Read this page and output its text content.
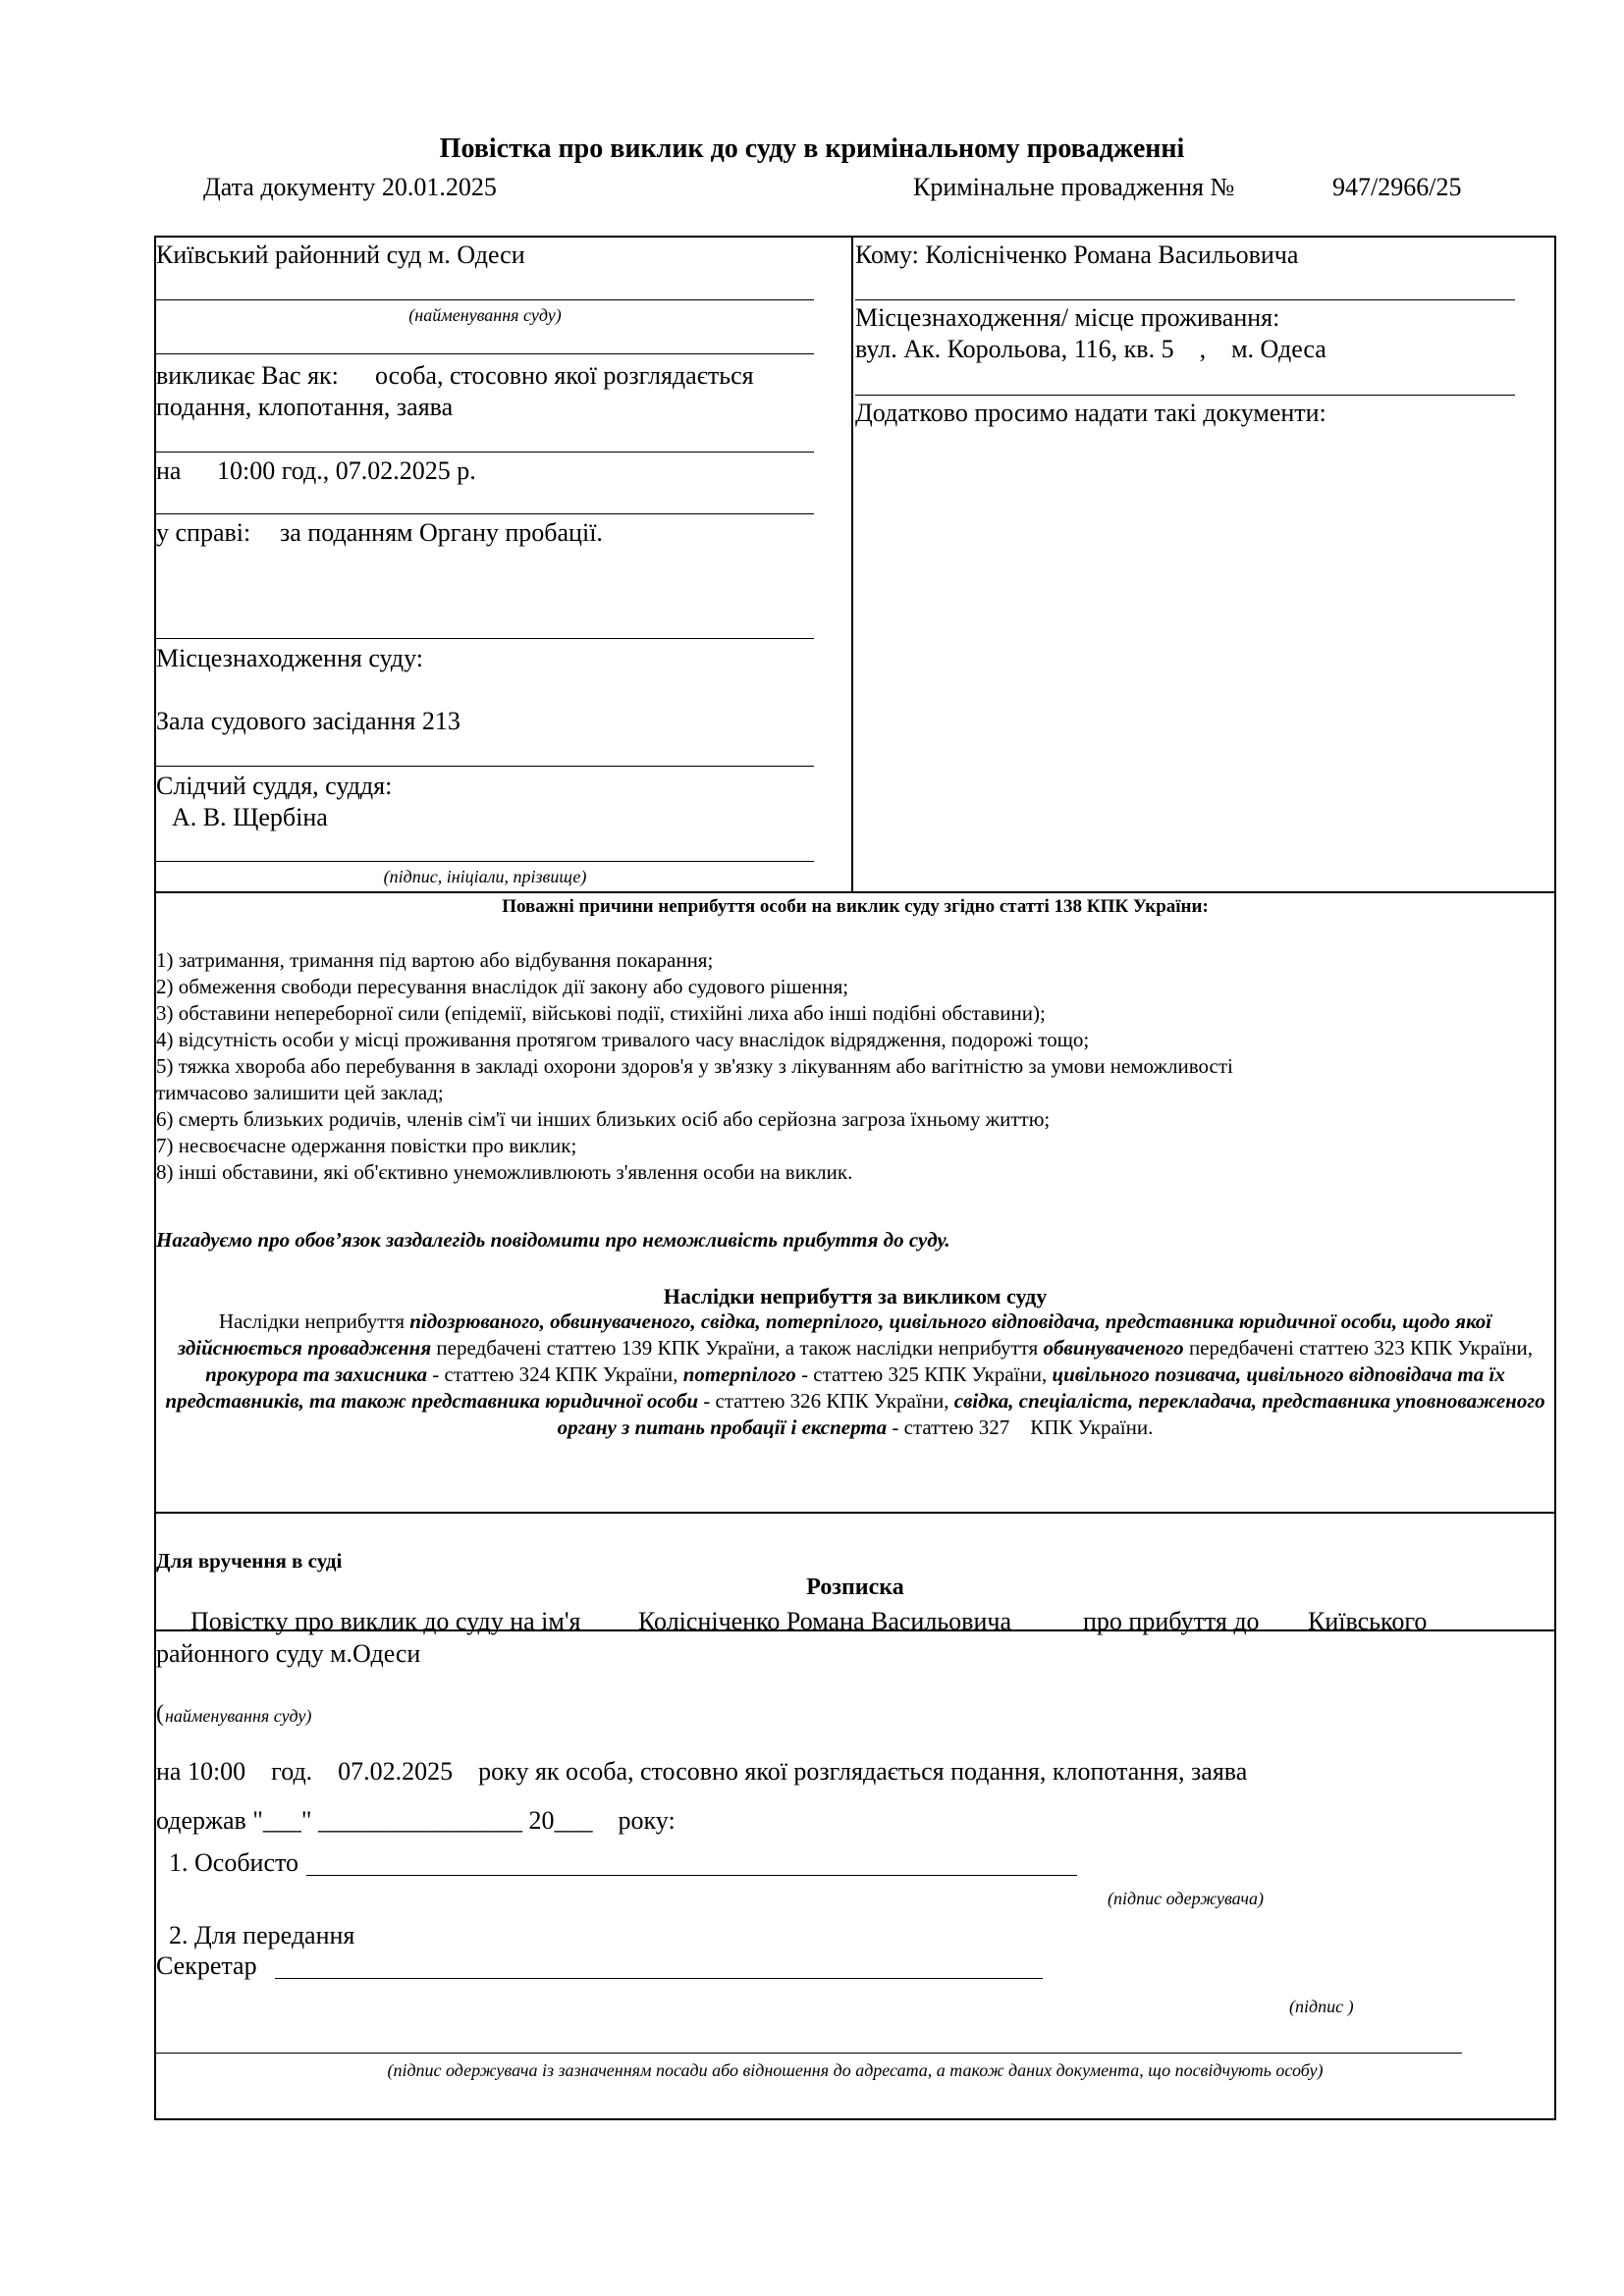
Повістка про виклик до суду в кримінальному провадженні
Дата документу 20.01.2025	Кримінальне провадження №	947/2966/25
Київський районний суд м. Одеси
(найменування суду)
викликає Вас як: особа, стосовно якої розглядається
подання, клопотання, заява
на 10:00 год., 07.02.2025 р.
у справі: за поданням Органу пробації.
Місцезнаходження суду:
Зала судового засідання 213
Слідчий суддя, суддя:
А. В. Щербіна
(підпис, ініціали, прізвище)
Кому: Колісніченко Романа Васильовича
Місцезнаходження/ місце проживання:
вул. Ак. Корольова, 116, кв. 5    ,    м. Одеса
Додатково просимо надати такі документи:
Поважні причини неприбуття особи на виклик суду згідно статті 138 КПК України:
1) затримання, тримання під вартою або відбування покарання;
2) обмеження свободи пересування внаслідок дії закону або судового рішення;
3) обставини непереборної сили (епідемії, військові події, стихійні лиха або інші подібні обставини);
4) відсутність особи у місці проживання протягом тривалого часу внаслідок відрядження, подорожі тощо;
5) тяжка хвороба або перебування в закладі охорони здоров'я у зв'язку з лікуванням або вагітністю за умови неможливості
тимчасово залишити цей заклад;
6) смерть близьких родичів, членів сім'ї чи інших близьких осіб або серйозна загроза їхньому життю;
7) несвоєчасне одержання повістки про виклик;
8) інші обставини, які об'єктивно унеможливлюють з'явлення особи на виклик.
Нагадуємо про обов’язок заздалегідь повідомити про неможливість прибуття до суду.
Наслідки неприбуття за викликом суду
Наслідки неприбуття підозрюваного, обвинуваченого, свідка, потерпілого, цивільного відповідача, представника юридичної особи, щодо якої здійснюється провадження передбачені статтею 139 КПК України, а також наслідки неприбуття обвинуваченого передбачені статтею 323 КПК України, прокурора та захисника - статтею 324 КПК України, потерпілого - статтею 325 КПК України, цивільного позивача, цивільного відповідача та їх представників, та також представника юридичної особи - статтею 326 КПК України, свідка, спеціаліста, перекладача, представника уповноваженого органу з питань пробації і експерта - статтею 327    КПК України.
Для вручення в суді
Розписка
Повістку про виклик до суду на ім'я Колісніченко Романа Васильовича	про прибуття до Київського
районного суду м.Одеси
( найменування суду)
на 10:00    год.    07.02.2025    року як особа, стосовно якої розглядається подання, клопотання, заява
одержав "___" ________________ 20___    року:
1. Особисто
(підпис одержувача)
2. Для передання
Секретар
(підпис )
(підпис одержувача із зазначенням посади або відношення до адресата, а також даних документа, що посвідчують особу)
